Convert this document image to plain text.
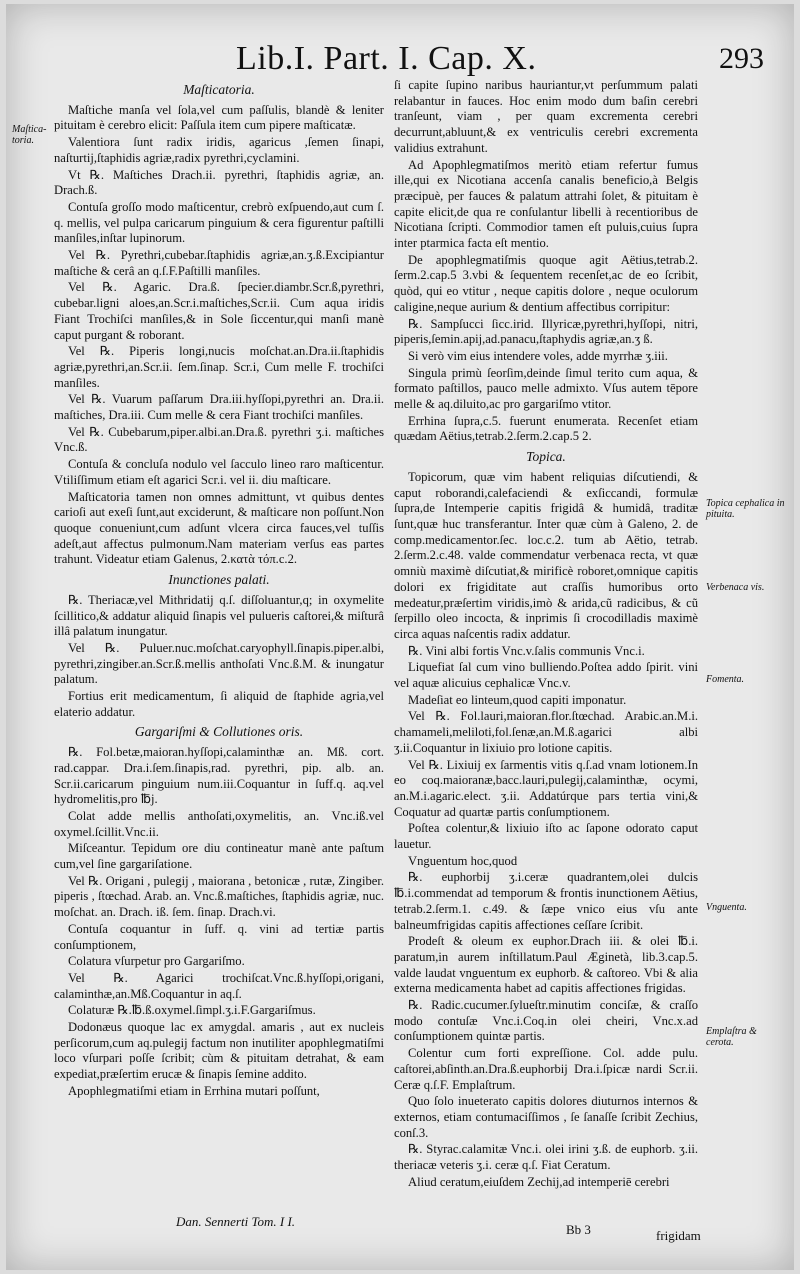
Lib.I. Part. I. Cap. X.	293
Maſtica-toria.
Topica cephalica in pituita.
Verbenaca vis.
Fomenta.
Vnguenta.
Emplaſtra & cerota.

Maſticatoria.

Maſtiche manſa vel ſola,vel cum paſſulis, blandè & leniter pituitam è cerebro elicit: Paſſula item cum pipere maſticatæ.

Valentiora ſunt radix iridis, agaricus ,ſemen ſinapi, naſturtij,ſtaphidis agriæ,radix pyrethri,cyclamini.

Vt ℞. Maſtiches Drach.ii. pyrethri, ſtaphidis agriæ, an. Drach.ß.

Contuſa groſſo modo maſticentur, crebrò exſpuendo,aut cum ſ. q. mellis, vel pulpa caricarum pinguium & cera figurentur paſtilli manſiles,inſtar lupinorum.

Vel ℞. Pyrethri,cubebar.ſtaphidis agriæ,an.ʒ.ß.Excipiantur maſtiche & cerâ an q.ſ.F.Paſtilli manſiles.

Vel ℞. Agaric. Dra.ß. ſpecier.diambr.Scr.ß,pyrethri, cubebar.ligni aloes,an.Scr.i.maſtiches,Scr.ii. Cum aqua iridis Fiant Trochiſci manſiles,& in Sole ſiccentur,qui manſi manè caput purgant & roborant.

Vel ℞. Piperis longi,nucis moſchat.an.Dra.ii.ſtaphidis agriæ,pyrethri,an.Scr.ii. ſem.ſinap. Scr.i, Cum melle F. trochiſci manſiles.

Vel ℞. Vuarum paſſarum Dra.iii.hyſſopi,pyrethri an. Dra.ii. maſtiches, Dra.iii. Cum melle & cera Fiant trochiſci manſiles.

Vel ℞. Cubebarum,piper.albi.an.Dra.ß. pyrethri ʒ.i. maſtiches Vnc.ß.

Contuſa & concluſa nodulo vel ſacculo lineo raro maſticentur. Vtiliſſimum etiam eſt agarici Scr.i. vel ii. diu maſticare.

Maſticatoria tamen non omnes admittunt, vt quibus dentes carioſi aut exeſi ſunt,aut exciderunt, & maſticare non poſſunt.Non quoque conueniunt,cum adſunt vlcera circa fauces,vel tuſſis adeſt,aut affectus pulmonum.Nam materiam verſus eas partes trahunt. Videatur etiam Galenus, 2.κατὰ τόπ.c.2.

Inunctiones palati.

℞. Theriacæ,vel Mithridatij q.ſ. diſſoluantur,q; in oxymelite ſcillitico,& addatur aliquid ſinapis vel pulueris caſtorei,& miſturâ illâ palatum inungatur.

Vel ℞. Puluer.nuc.moſchat.caryophyll.ſinapis.piper.albi, pyrethri,zingiber.an.Scr.ß.mellis anthoſati Vnc.ß.M. & inungatur palatum.

Fortius erit medicamentum, ſi aliquid de ſtaphide agria,vel elaterio addatur.

Gargariſmi & Collutiones oris.

℞. Fol.betæ,maioran.hyſſopi,calaminthæ an. Mß. cort. rad.cappar. Dra.i.ſem.ſinapis,rad. pyrethri, pip. alb. an. Scr.ii.caricarum pinguium num.iii.Coquantur in ſuff.q. aq.vel hydromelitis,pro ℔j.

Colat adde mellis anthoſati,oxymelitis, an. Vnc.iß.vel oxymel.ſcillit.Vnc.ii.

Miſceantur. Tepidum ore diu contineatur manè ante paſtum cum,vel ſine gargariſatione.

Vel ℞. Origani , pulegij , maiorana , betonicæ , rutæ, Zingiber. piperis , ſtœchad. Arab. an. Vnc.ß.maſtiches, ſtaphidis agriæ, nuc. moſchat. an. Drach. iß. ſem. ſinap. Drach.vi.

Contuſa coquantur in ſuff. q. vini ad tertiæ partis conſumptionem,

Colatura vſurpetur pro Gargariſmo.

Vel ℞. Agarici trochiſcat.Vnc.ß.hyſſopi,origani, calaminthæ,an.Mß.Coquantur in aq.ſ.

Colaturæ ℞.℔.ß.oxymel.ſimpl.ʒ.i.F.Gargariſmus.

Dodonæus quoque lac ex amygdal. amaris , aut ex nucleis perſicorum,cum aq.pulegij factum non inutiliter apophlegmatiſmi loco vſurpari poſſe ſcribit; cùm & pituitam detrahat, & eam expediat,præſertim erucæ & ſinapis ſemine addito.

Apophlegmatiſmi etiam in Errhina mutari poſſunt,

ſi capite ſupino naribus hauriantur,vt perſummum palati relabantur in fauces. Hoc enim modo dum baſin cerebri tranſeunt, viam , per quam excrementa cerebri decurrunt,abluunt,& ex ventriculis cerebri excrementa validius extrahunt.

Ad Apophlegmatiſmos meritò etiam refertur fumus ille,qui ex Nicotiana accenſa canalis beneficio,à Belgis præcipuè, per fauces & palatum attrahi ſolet, & pituitam è capite elicit,de qua re conſulantur libelli à recentioribus de Nicotiana ſcripti. Commodior tamen eſt puluis,cuius ſupra inter ptarmica facta eſt mentio.

De apophlegmatiſmis quoque agit Aëtius,tetrab.2. ſerm.2.cap.5 3.vbi & ſequentem recenſet,ac de eo ſcribit, quòd, qui eo vtitur , neque capitis dolore , neque oculorum caligine,neque aurium & dentium affectibus corripitur:

℞. Sampſucci ſicc.irid. Illyricæ,pyrethri,hyſſopi, nitri, piperis,ſemin.apij,ad.panacu,ſtaphydis agriæ,an.ʒ ß.

Si verò vim eius intendere voles, adde myrrhæ ʒ.iii.

Singula primù ſeorſim,deinde ſimul terito cum aqua, & formato paſtillos, pauco melle admixto. Vſus autem tēpore melle & aq.diluito,ac pro gargariſmo vtitor.

Errhina ſupra,c.5. fuerunt enumerata. Recenſet etiam quædam Aëtius,tetrab.2.ſerm.2.cap.5 2.

Topica.

Topicorum, quæ vim habent reliquias diſcutiendi, & caput roborandi,calefaciendi & exſiccandi, formulæ ſupra,de Intemperie capitis frigidâ & humidâ, traditæ ſunt,quæ huc transferantur. Inter quæ cùm à Galeno, 2. de comp.medicamentor.ſec. loc.c.2. tum ab Aëtio, tetrab. 2.ſerm.2.c.48. valde commendatur verbenaca recta, vt quæ omniù maximè diſcutiat,& mirificè roboret,omnique capitis dolori ex frigiditate aut craſſis humoribus orto medeatur,præſertim viridis,imò & arida,cũ radicibus, & cũ ſerpillo oleo incocta, & inprimis ſi crocodilladis maximè circa aquas naſcentis radix addatur.

℞. Vini albi fortis Vnc.v.ſalis communis Vnc.i.

Liquefiat ſal cum vino bulliendo.Poſtea addo ſpirit. vini vel aquæ alicuius cephalicæ Vnc.v.

Madeſiat eo linteum,quod capiti imponatur.

Vel ℞. Fol.lauri,maioran.flor.ſtœchad. Arabic.an.M.i. chamameli,meliloti,fol.ſenæ,an.M.ß.agarici albi ʒ.ii.Coquantur in lixiuio pro lotione capitis.

Vel ℞. Lixiuij ex ſarmentis vitis q.ſ.ad vnam lotionem.In eo coq.maioranæ,bacc.lauri,pulegij,calaminthæ, ocymi, an.M.i.agaric.elect. ʒ.ii. Addatúrque pars tertia vini,& Coquatur ad quartæ partis conſumptionem.

Poſtea colentur,& lixiuio iſto ac ſapone odorato caput lauetur.

Vnguentum hoc,quod

℞. euphorbij ʒ.i.ceræ quadrantem,olei dulcis ℔.i.commendat ad temporum & frontis inunctionem Aëtius, tetrab.2.ſerm.1. c.49. & ſæpe vnico eius vſu ante balneumfrigidas capitis affectiones ceſſare ſcribit.

Prodeſt & oleum ex euphor.Drach iii. & olei ℔.i. paratum,in aurem inſtillatum.Paul Æginetà, lib.3.cap.5. valde laudat vnguentum ex euphorb. & caſtoreo. Vbi & alia externa medicamenta habet ad capitis affectiones frigidas.

℞. Radic.cucumer.ſylueſtr.minutim conciſæ, & craſſo modo contuſæ Vnc.i.Coq.in olei cheiri, Vnc.x.ad conſumptionem quintæ partis.

Colentur cum forti expreſſione. Col. adde pulu. caſtorei,abſinth.an.Dra.ß.euphorbij Dra.i.ſpicæ nardi Scr.ii. Ceræ q.ſ.F. Emplaſtrum.

Quo ſolo inueterato capitis dolores diuturnos internos & externos, etiam contumaciſſimos , ſe ſanaſſe ſcribit Zechius, conſ.3.

℞. Styrac.calamitæ Vnc.i. olei irini ʒ.ß. de euphorb. ʒ.ii. theriacæ veteris ʒ.i. ceræ q.ſ. Fiat Ceratum.

Aliud ceratum,eiuſdem Zechij,ad intemperiē cerebri

Dan. Sennerti Tom. I I.
Bb 3	frigidam
